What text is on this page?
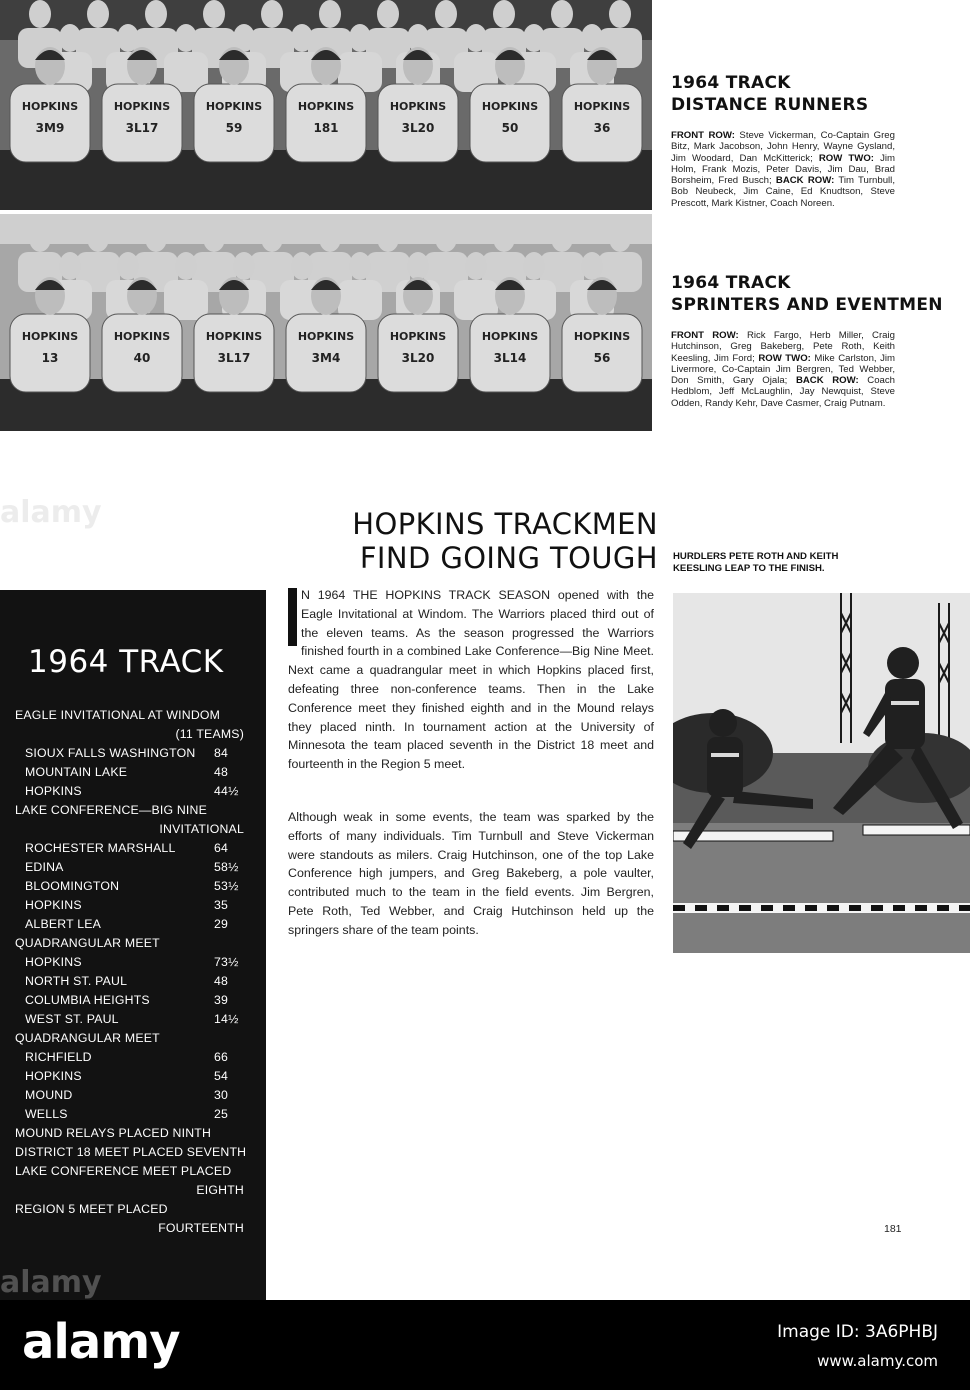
HOPKINS
3M9
HOPKINS
3L17
HOPKINS
59
HOPKINS
181
HOPKINS
3L20
HOPKINS
50
HOPKINS
36
HOPKINS
13
HOPKINS
40
HOPKINS
3L17
HOPKINS
3M4
HOPKINS
3L20
HOPKINS
3L14
HOPKINS
56
1964 TRACK
DISTANCE RUNNERS
FRONT ROW: Steve Vickerman, Co-Captain Greg Bitz, Mark Jacobson, John Henry, Wayne Gysland, Jim Woodard, Dan McKitterick; ROW TWO: Jim Holm, Frank Mozis, Peter Davis, Jim Dau, Brad Borsheim, Fred Busch; BACK ROW: Tim Turnbull, Bob Neubeck, Jim Caine, Ed Knudtson, Steve Prescott, Mark Kistner, Coach Noreen.
1964 TRACK
SPRINTERS AND EVENTMEN
FRONT ROW: Rick Fargo, Herb Miller, Craig Hutchinson, Greg Bakeberg, Pete Roth, Keith Keesling, Jim Ford; ROW TWO: Mike Carlston, Jim Livermore, Co-Captain Jim Bergren, Ted Webber, Don Smith, Gary Ojala; BACK ROW: Coach Hedblom, Jeff McLaughlin, Jay Newquist, Steve Odden, Randy Kehr, Dave Casmer, Craig Putnam.
HOPKINS TRACKMEN
FIND GOING TOUGH HURDLERS PETE ROTH AND KEITH KEESLING LEAP TO THE FINISH.
N 1964 THE HOPKINS TRACK SEASON opened with the Eagle Invitational at Windom. The Warriors placed third out of the eleven teams. As the season progressed the Warriors finished fourth in a combined Lake Conference—Big Nine Meet. Next came a quadrangular meet in which Hopkins placed first, defeating three non-conference teams. Then in the Lake Conference meet they finished eighth and in the Mound relays they placed ninth. In tournament action at the University of Minnesota the team placed seventh in the District 18 meet and fourteenth in the Region 5 meet.
Although weak in some events, the team was sparked by the efforts of many individuals. Tim Turnbull and Steve Vickerman were standouts as milers. Craig Hutchinson, one of the top Lake Conference high jumpers, and Greg Bakeberg, a pole vaulter, contributed much to the team in the field events. Jim Bergren, Pete Roth, Ted Webber, and Craig Hutchinson held up the springers share of the team points.
1964 TRACK
EAGLE INVITATIONAL AT WINDOM
(11 TEAMS)
SIOUX FALLS WASHINGTON 84
MOUNTAIN LAKE	48
HOPKINS	44½
LAKE CONFERENCE—BIG NINE
INVITATIONAL
ROCHESTER MARSHALL	64
EDINA	58½
BLOOMINGTON	53½
HOPKINS	35
ALBERT LEA	29
QUADRANGULAR MEET
HOPKINS	73½
NORTH ST. PAUL	48
COLUMBIA HEIGHTS	39
WEST ST. PAUL	14½
QUADRANGULAR MEET
RICHFIELD	66
HOPKINS	54
MOUND	30
WELLS	25
MOUND RELAYS PLACED NINTH
DISTRICT 18 MEET PLACED SEVENTH
LAKE CONFERENCE MEET PLACED
EIGHTH
REGION 5 MEET PLACED
FOURTEENTH	181
alamy
alamy
alamy	Image ID: 3A6PHBJ
www.alamy.com
